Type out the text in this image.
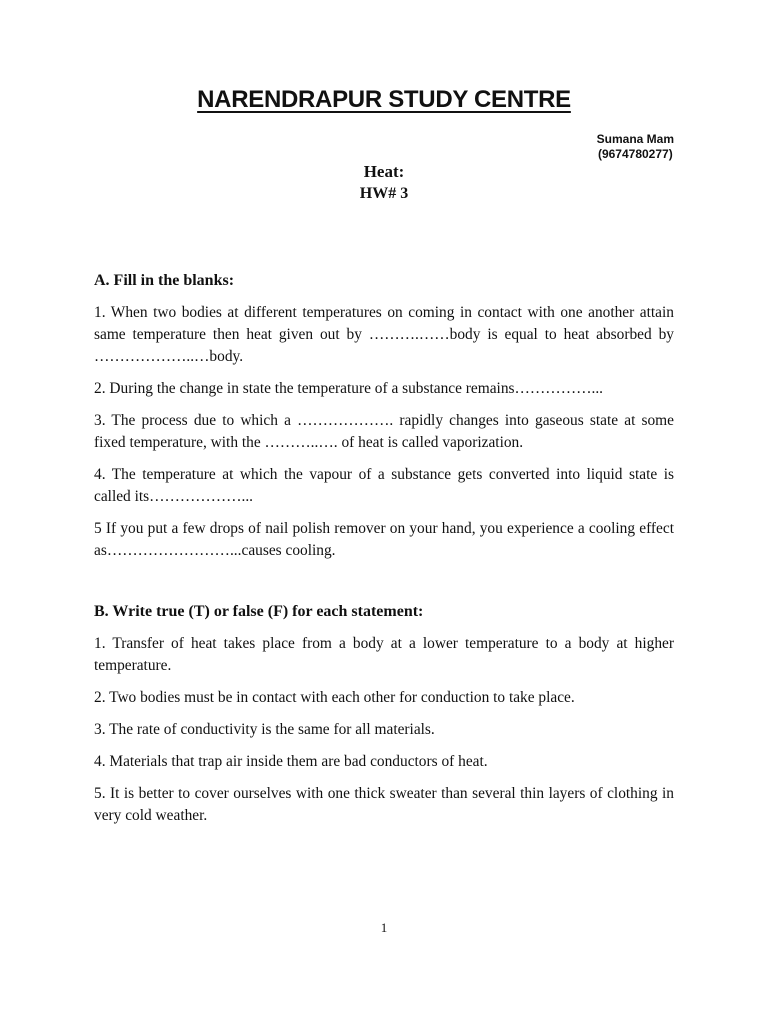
NARENDRAPUR STUDY CENTRE
Sumana Mam
(9674780277)
Heat:
HW# 3
A. Fill in the blanks:
1. When two bodies at different temperatures on coming in contact with one another attain same temperature then heat given out by ……….……body is equal to heat absorbed by ………………..…body.
2. During the change in state the temperature of a substance remains……………...
3. The process due to which a ………………. rapidly changes into gaseous state at some fixed temperature, with the ………..…. of heat is called vaporization.
4. The temperature at which the vapour of a substance gets converted into liquid state is called its………………...
5 If you put a few drops of nail polish remover on your hand, you experience a cooling effect as……………………...causes cooling.
B. Write true (T) or false (F) for each statement:
1. Transfer of heat takes place from a body at a lower temperature to a body at higher temperature.
2. Two bodies must be in contact with each other for conduction to take place.
3. The rate of conductivity is the same for all materials.
4. Materials that trap air inside them are bad conductors of heat.
5. It is better to cover ourselves with one thick sweater than several thin layers of clothing in very cold weather.
1
